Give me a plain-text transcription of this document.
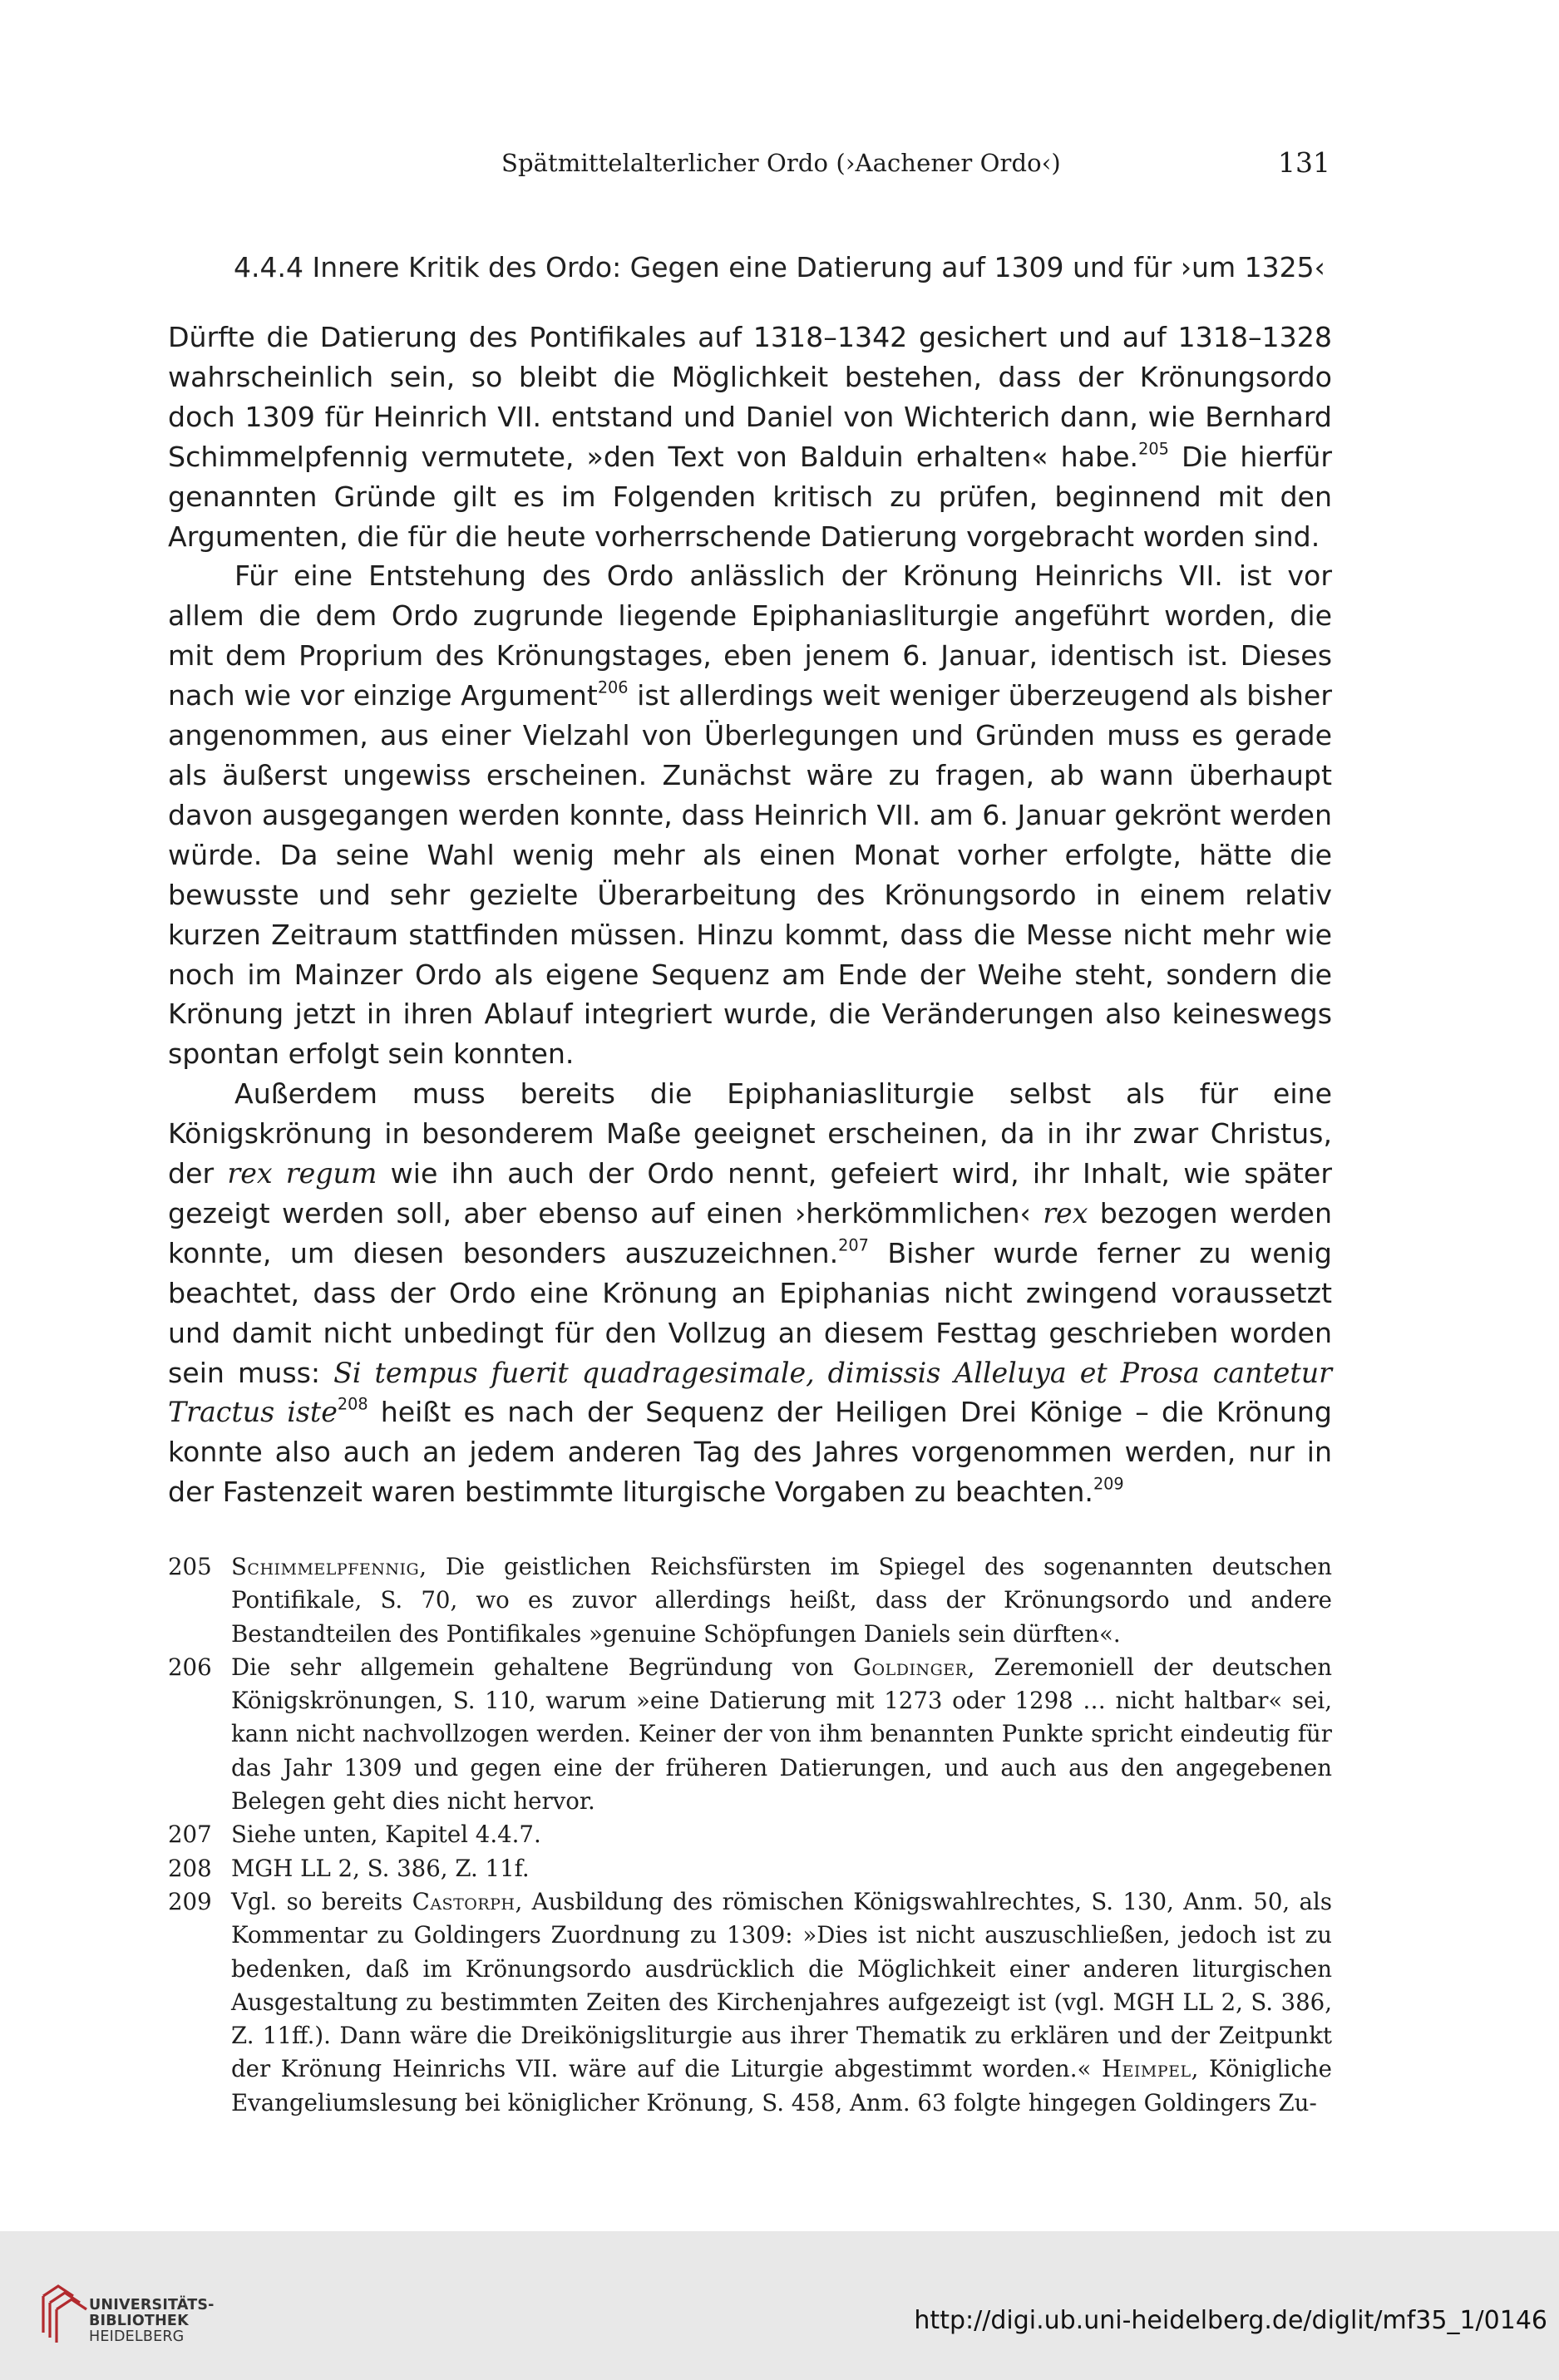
Spätmittelalterlicher Ordo (›Aachener Ordo‹)	131
4.4.4 Innere Kritik des Ordo: Gegen eine Datierung auf 1309 und für ›um 1325‹

Dürfte die Datierung des Pontifikales auf 1318–1342 gesichert und auf 1318–1328 wahrscheinlich sein, so bleibt die Möglichkeit bestehen, dass der Krönungsordo doch 1309 für Heinrich VII. entstand und Daniel von Wichterich dann, wie Bernhard Schimmelpfennig vermutete, »den Text von Balduin erhalten« habe.$^{205}$ Die hierfür genannten Gründe gilt es im Folgenden kritisch zu prüfen, beginnend mit den Argumenten, die für die heute vorherrschende Datierung vorgebracht worden sind.

Für eine Entstehung des Ordo anlässlich der Krönung Heinrichs VII. ist vor allem die dem Ordo zugrunde liegende Epiphaniasliturgie angeführt worden, die mit dem Proprium des Krönungstages, eben jenem 6. Januar, identisch ist. Dieses nach wie vor einzige Argument$^{206}$ ist allerdings weit weniger überzeugend als bisher angenommen, aus einer Vielzahl von Überlegungen und Gründen muss es gerade als äußerst ungewiss erscheinen. Zunächst wäre zu fragen, ab wann überhaupt davon ausgegangen werden konnte, dass Heinrich VII. am 6. Januar gekrönt werden würde. Da seine Wahl wenig mehr als einen Monat vorher erfolgte, hätte die bewusste und sehr gezielte Überarbeitung des Krönungsordo in einem relativ kurzen Zeitraum stattfinden müssen. Hinzu kommt, dass die Messe nicht mehr wie noch im Mainzer Ordo als eigene Sequenz am Ende der Weihe steht, sondern die Krönung jetzt in ihren Ablauf integriert wurde, die Veränderungen also keineswegs spontan erfolgt sein konnten.

Außerdem muss bereits die Epiphaniasliturgie selbst als für eine Königskrönung in besonderem Maße geeignet erscheinen, da in ihr zwar Christus, der rex regum wie ihn auch der Ordo nennt, gefeiert wird, ihr Inhalt, wie später gezeigt werden soll, aber ebenso auf einen ›herkömmlichen‹ rex bezogen werden konnte, um diesen besonders auszuzeichnen.$^{207}$ Bisher wurde ferner zu wenig beachtet, dass der Ordo eine Krönung an Epiphanias nicht zwingend voraussetzt und damit nicht unbedingt für den Vollzug an diesem Festtag geschrieben worden sein muss: Si tempus fuerit quadragesimale, dimissis Alleluya et Prosa cantetur Tractus iste$^{208}$ heißt es nach der Sequenz der Heiligen Drei Könige – die Krönung konnte also auch an jedem anderen Tag des Jahres vorgenommen werden, nur in der Fastenzeit waren bestimmte liturgische Vorgaben zu beachten.$^{209}$

205 Schimmelpfennig, Die geistlichen Reichsfürsten im Spiegel des sogenannten deutschen Pontifikale, S. 70, wo es zuvor allerdings heißt, dass der Krönungsordo und andere Bestandteilen des Pontifikales »genuine Schöpfungen Daniels sein dürften«.
206 Die sehr allgemein gehaltene Begründung von Goldinger, Zeremoniell der deutschen Königskrönungen, S. 110, warum »eine Datierung mit 1273 oder 1298 … nicht haltbar« sei, kann nicht nachvollzogen werden. Keiner der von ihm benannten Punkte spricht eindeutig für das Jahr 1309 und gegen eine der früheren Datierungen, und auch aus den angegebenen Belegen geht dies nicht hervor.
207 Siehe unten, Kapitel 4.4.7.
208 MGH LL 2, S. 386, Z. 11f.
209 Vgl. so bereits Castorph, Ausbildung des römischen Königswahlrechtes, S. 130, Anm. 50, als Kommentar zu Goldingers Zuordnung zu 1309: »Dies ist nicht auszuschließen, jedoch ist zu bedenken, daß im Krönungsordo ausdrücklich die Möglichkeit einer anderen liturgischen Ausgestaltung zu bestimmten Zeiten des Kirchenjahres aufgezeigt ist (vgl. MGH LL 2, S. 386, Z. 11ff.). Dann wäre die Dreikönigsliturgie aus ihrer Thematik zu erklären und der Zeitpunkt der Krönung Heinrichs VII. wäre auf die Liturgie abgestimmt worden.« Heimpel, Königliche Evangeliumslesung bei königlicher Krönung, S. 458, Anm. 63 folgte hingegen Goldingers Zu-
UNIVERSITÄTS-
BIBLIOTHEK
HEIDELBERG
http://digi.ub.uni-heidelberg.de/diglit/mf35_1/0146
